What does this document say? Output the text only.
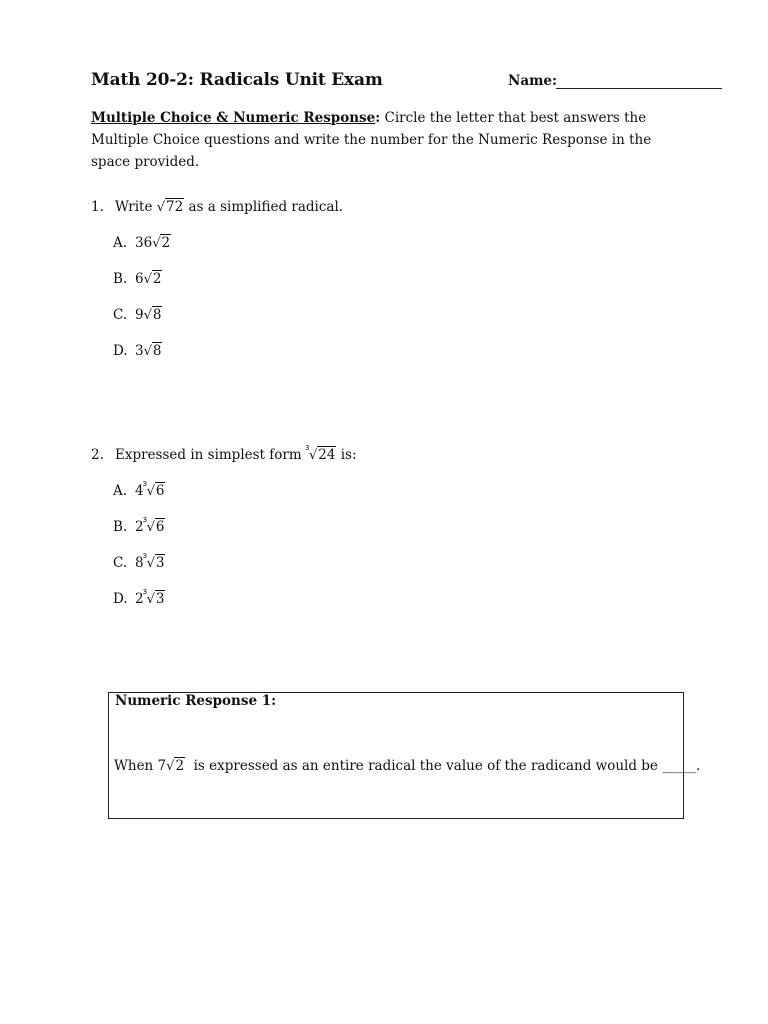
Math 20-2: Radicals Unit Exam	Name:
Multiple Choice & Numeric Response: Circle the letter that best answers the Multiple Choice questions and write the number for the Numeric Response in the space provided.
1. Write √72 as a simplified radical.
A. 36√2
B. 6√2
C. 9√8
D. 3√8
2. Expressed in simplest form 3 √24 is:
A. 4 3 √6
B. 2 3 √6
C. 8 3 √3
D. 2 3 √3
Numeric Response 1:
When 7√2  is expressed as an entire radical the value of the radicand would be _____.
